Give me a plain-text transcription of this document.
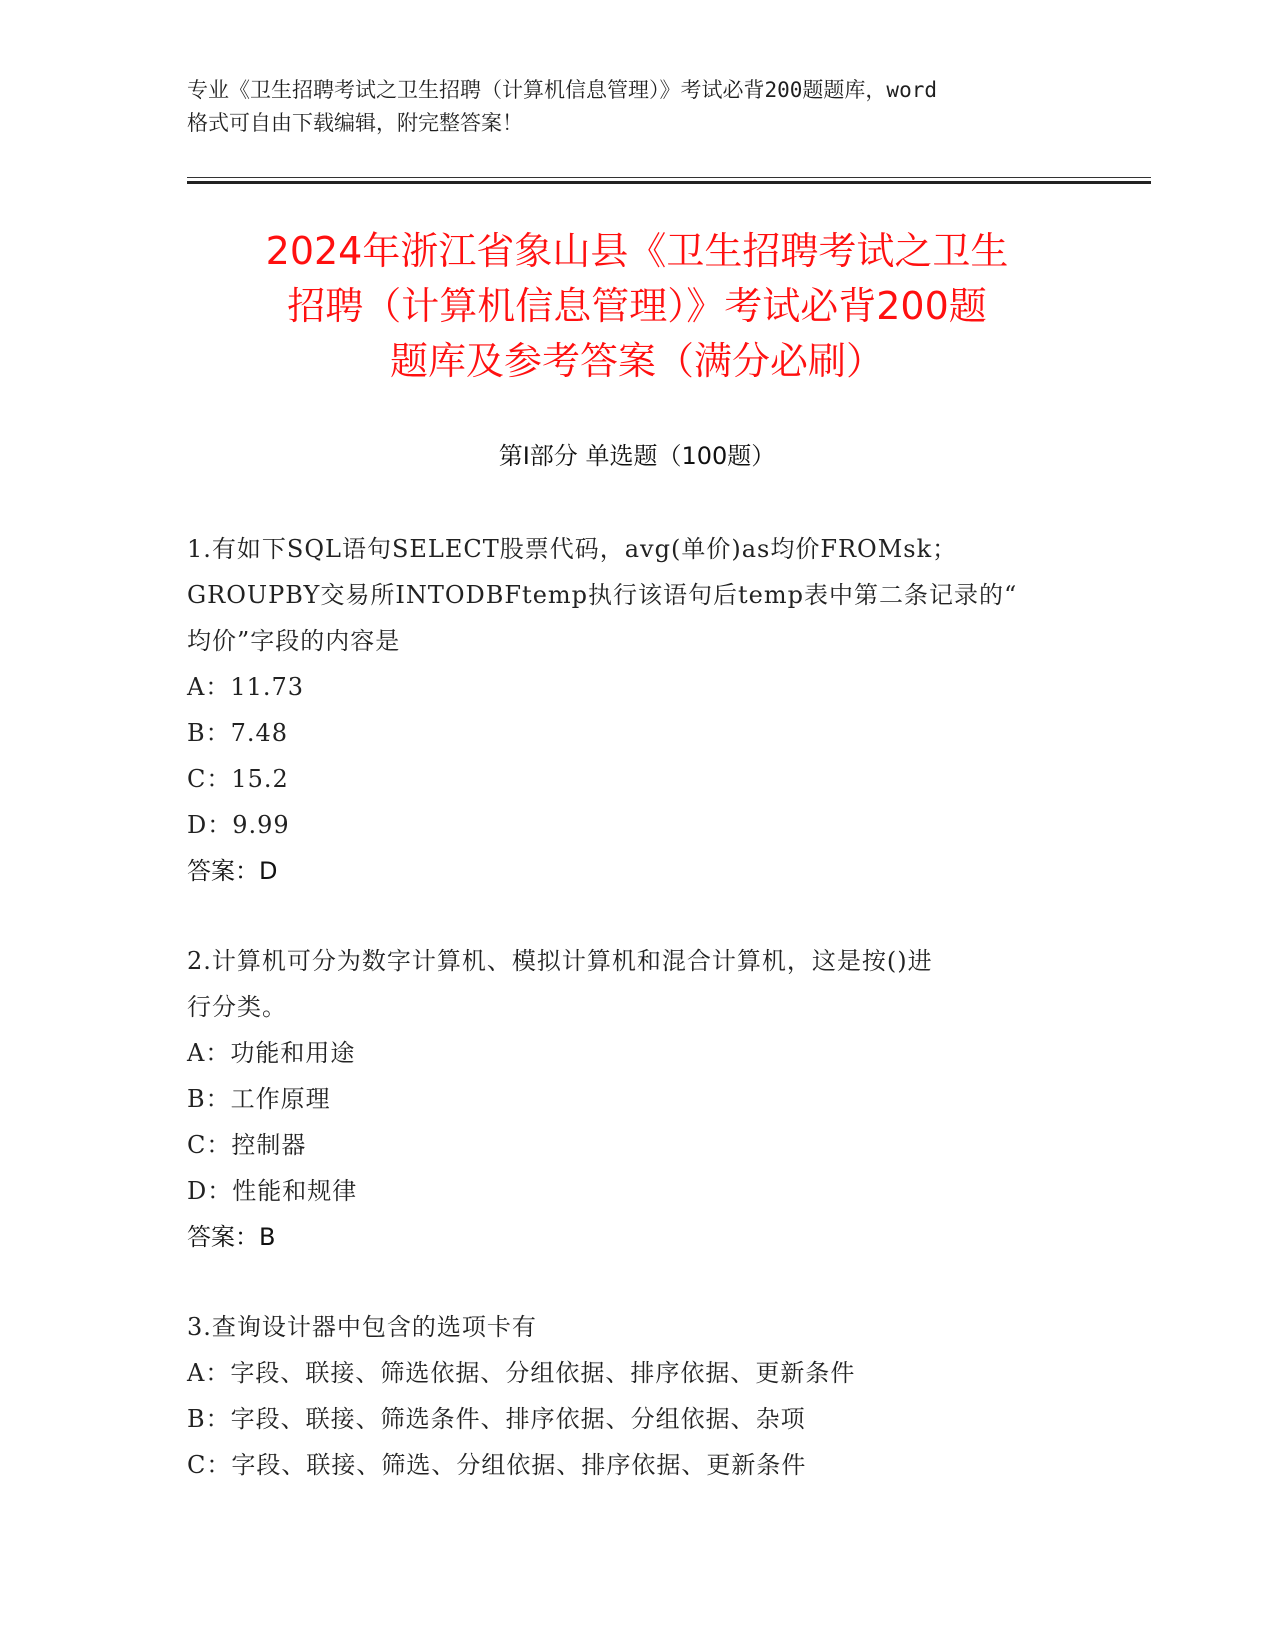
专业《卫生招聘考试之卫生招聘（计算机信息管理）》考试必背200题题库，word
格式可自由下载编辑，附完整答案！
2024年浙江省象山县《卫生招聘考试之卫生
招聘（计算机信息管理）》考试必背200题
题库及参考答案（满分必刷）
第I部分 单选题（100题）
1.有如下SQL语句SELECT股票代码，avg(单价)as均价FROMsk；
GROUPBY交易所INTODBFtemp执行该语句后temp表中第二条记录的“
均价”字段的内容是
A：11.73
B：7.48
C：15.2
D：9.99
答案：D
2.计算机可分为数字计算机、模拟计算机和混合计算机，这是按()进
行分类。
A：功能和用途
B：工作原理
C：控制器
D：性能和规律
答案：B
3.查询设计器中包含的选项卡有
A：字段、联接、筛选依据、分组依据、排序依据、更新条件
B：字段、联接、筛选条件、排序依据、分组依据、杂项
C：字段、联接、筛选、分组依据、排序依据、更新条件
